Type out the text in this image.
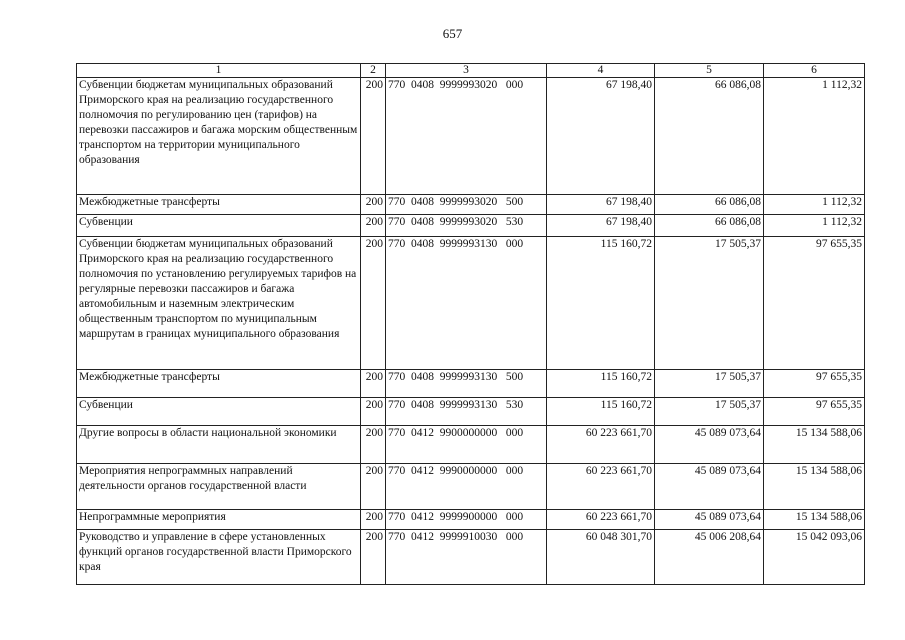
657
1	2	3	4	5	6
Субвенции бюджетам муниципальных образований Приморского края на реализацию государственного полномочия по регулированию цен (тарифов) на перевозки пассажиров и багажа морским общественным транспортом на территории муниципального образования	200	770  0408  9999993020   000	67 198,40	66 086,08	1 112,32
Межбюджетные трансферты	200	770  0408  9999993020   500	67 198,40	66 086,08	1 112,32
Субвенции	200	770  0408  9999993020   530	67 198,40	66 086,08	1 112,32
Субвенции бюджетам муниципальных образований Приморского края на реализацию государственного полномочия по установлению регулируемых тарифов на регулярные перевозки пассажиров и багажа автомобильным и наземным электрическим общественным транспортом по муниципальным маршрутам в границах муниципального образования	200	770  0408  9999993130   000	115 160,72	17 505,37	97 655,35
Межбюджетные трансферты	200	770  0408  9999993130   500	115 160,72	17 505,37	97 655,35
Субвенции	200	770  0408  9999993130   530	115 160,72	17 505,37	97 655,35
Другие вопросы в области национальной экономики	200	770  0412  9900000000   000	60 223 661,70	45 089 073,64	15 134 588,06
Мероприятия непрограммных направлений деятельности органов государственной власти	200	770  0412  9990000000   000	60 223 661,70	45 089 073,64	15 134 588,06
Непрограммные мероприятия	200	770  0412  9999900000   000	60 223 661,70	45 089 073,64	15 134 588,06
Руководство и управление в сфере установленных функций органов государственной власти Приморского края	200	770  0412  9999910030   000	60 048 301,70	45 006 208,64	15 042 093,06
